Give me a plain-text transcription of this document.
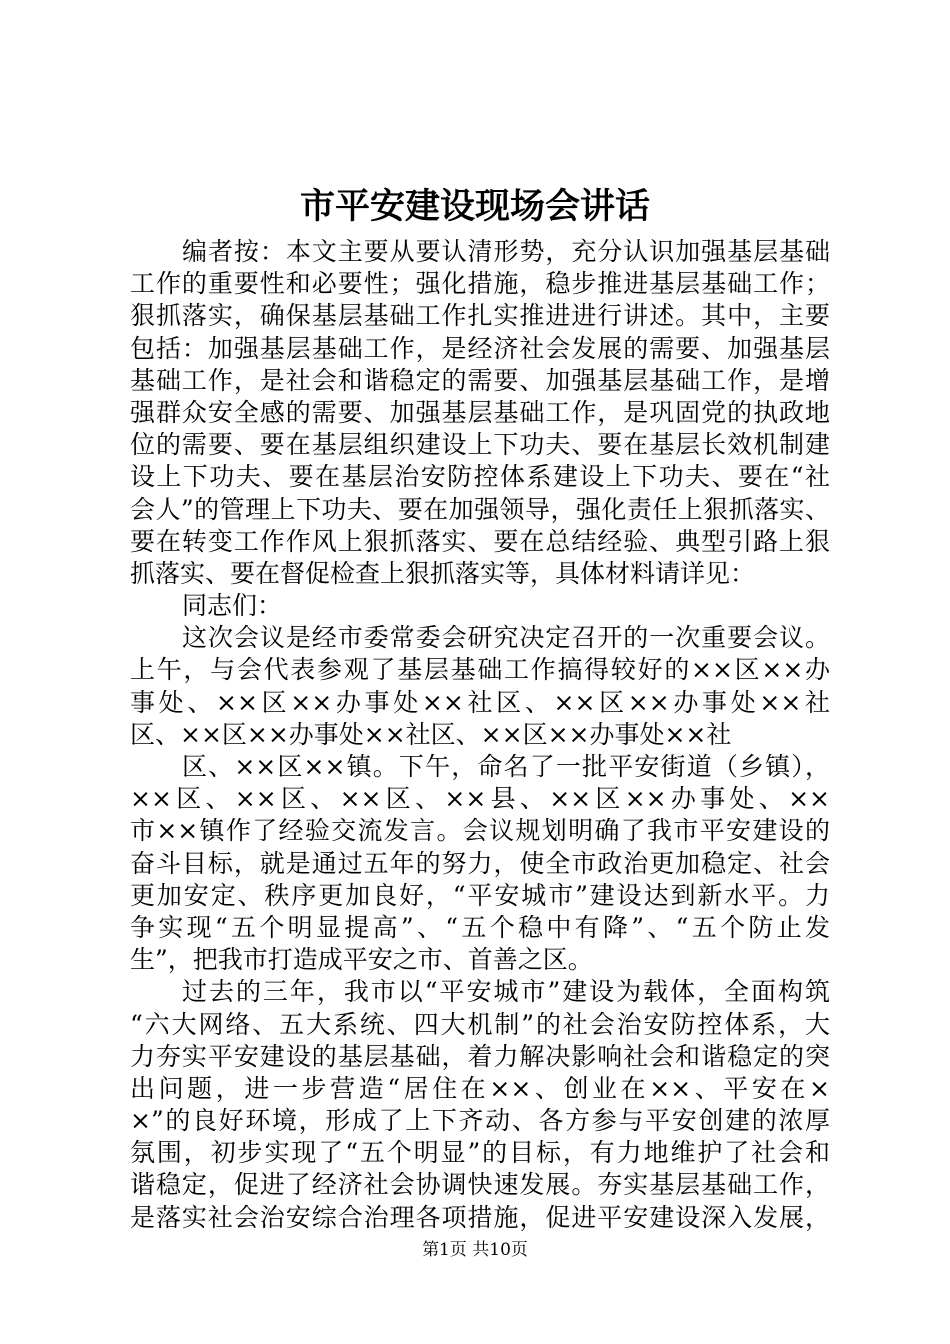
市平安建设现场会讲话
编者按：本文主要从要认清形势，充分认识加强基层基础
工作的重要性和必要性；强化措施，稳步推进基层基础工作；
狠抓落实，确保基层基础工作扎实推进进行讲述。其中，主要
包括：加强基层基础工作，是经济社会发展的需要、加强基层
基础工作，是社会和谐稳定的需要、加强基层基础工作，是增
强群众安全感的需要、加强基层基础工作，是巩固党的执政地
位的需要、要在基层组织建设上下功夫、要在基层长效机制建
设上下功夫、要在基层治安防控体系建设上下功夫、要在“社
会人”的管理上下功夫、要在加强领导，强化责任上狠抓落实、
要在转变工作作风上狠抓落实、要在总结经验、典型引路上狠
抓落实、要在督促检查上狠抓落实等，具体材料请详见：
同志们：
这次会议是经市委常委会研究决定召开的一次重要会议。
上午，与会代表参观了基层基础工作搞得较好的××区××办
事处、××区××办事处××社区、××区××办事处××社
区、××区××办事处××社区、××区××办事处××社
区、××区××镇。下午，命名了一批平安街道（乡镇），
××区、××区、××区、××县、××区××办事处、××
市××镇作了经验交流发言。会议规划明确了我市平安建设的
奋斗目标，就是通过五年的努力，使全市政治更加稳定、社会
更加安定、秩序更加良好，“平安城市”建设达到新水平。力
争实现“五个明显提高”、“五个稳中有降”、“五个防止发
生”，把我市打造成平安之市、首善之区。
过去的三年，我市以“平安城市”建设为载体，全面构筑
“六大网络、五大系统、四大机制”的社会治安防控体系，大
力夯实平安建设的基层基础，着力解决影响社会和谐稳定的突
出问题，进一步营造“居住在××、创业在××、平安在×
×”的良好环境，形成了上下齐动、各方参与平安创建的浓厚
氛围，初步实现了“五个明显”的目标，有力地维护了社会和
谐稳定，促进了经济社会协调快速发展。夯实基层基础工作，
是落实社会治安综合治理各项措施，促进平安建设深入发展，
第1页 共10页
